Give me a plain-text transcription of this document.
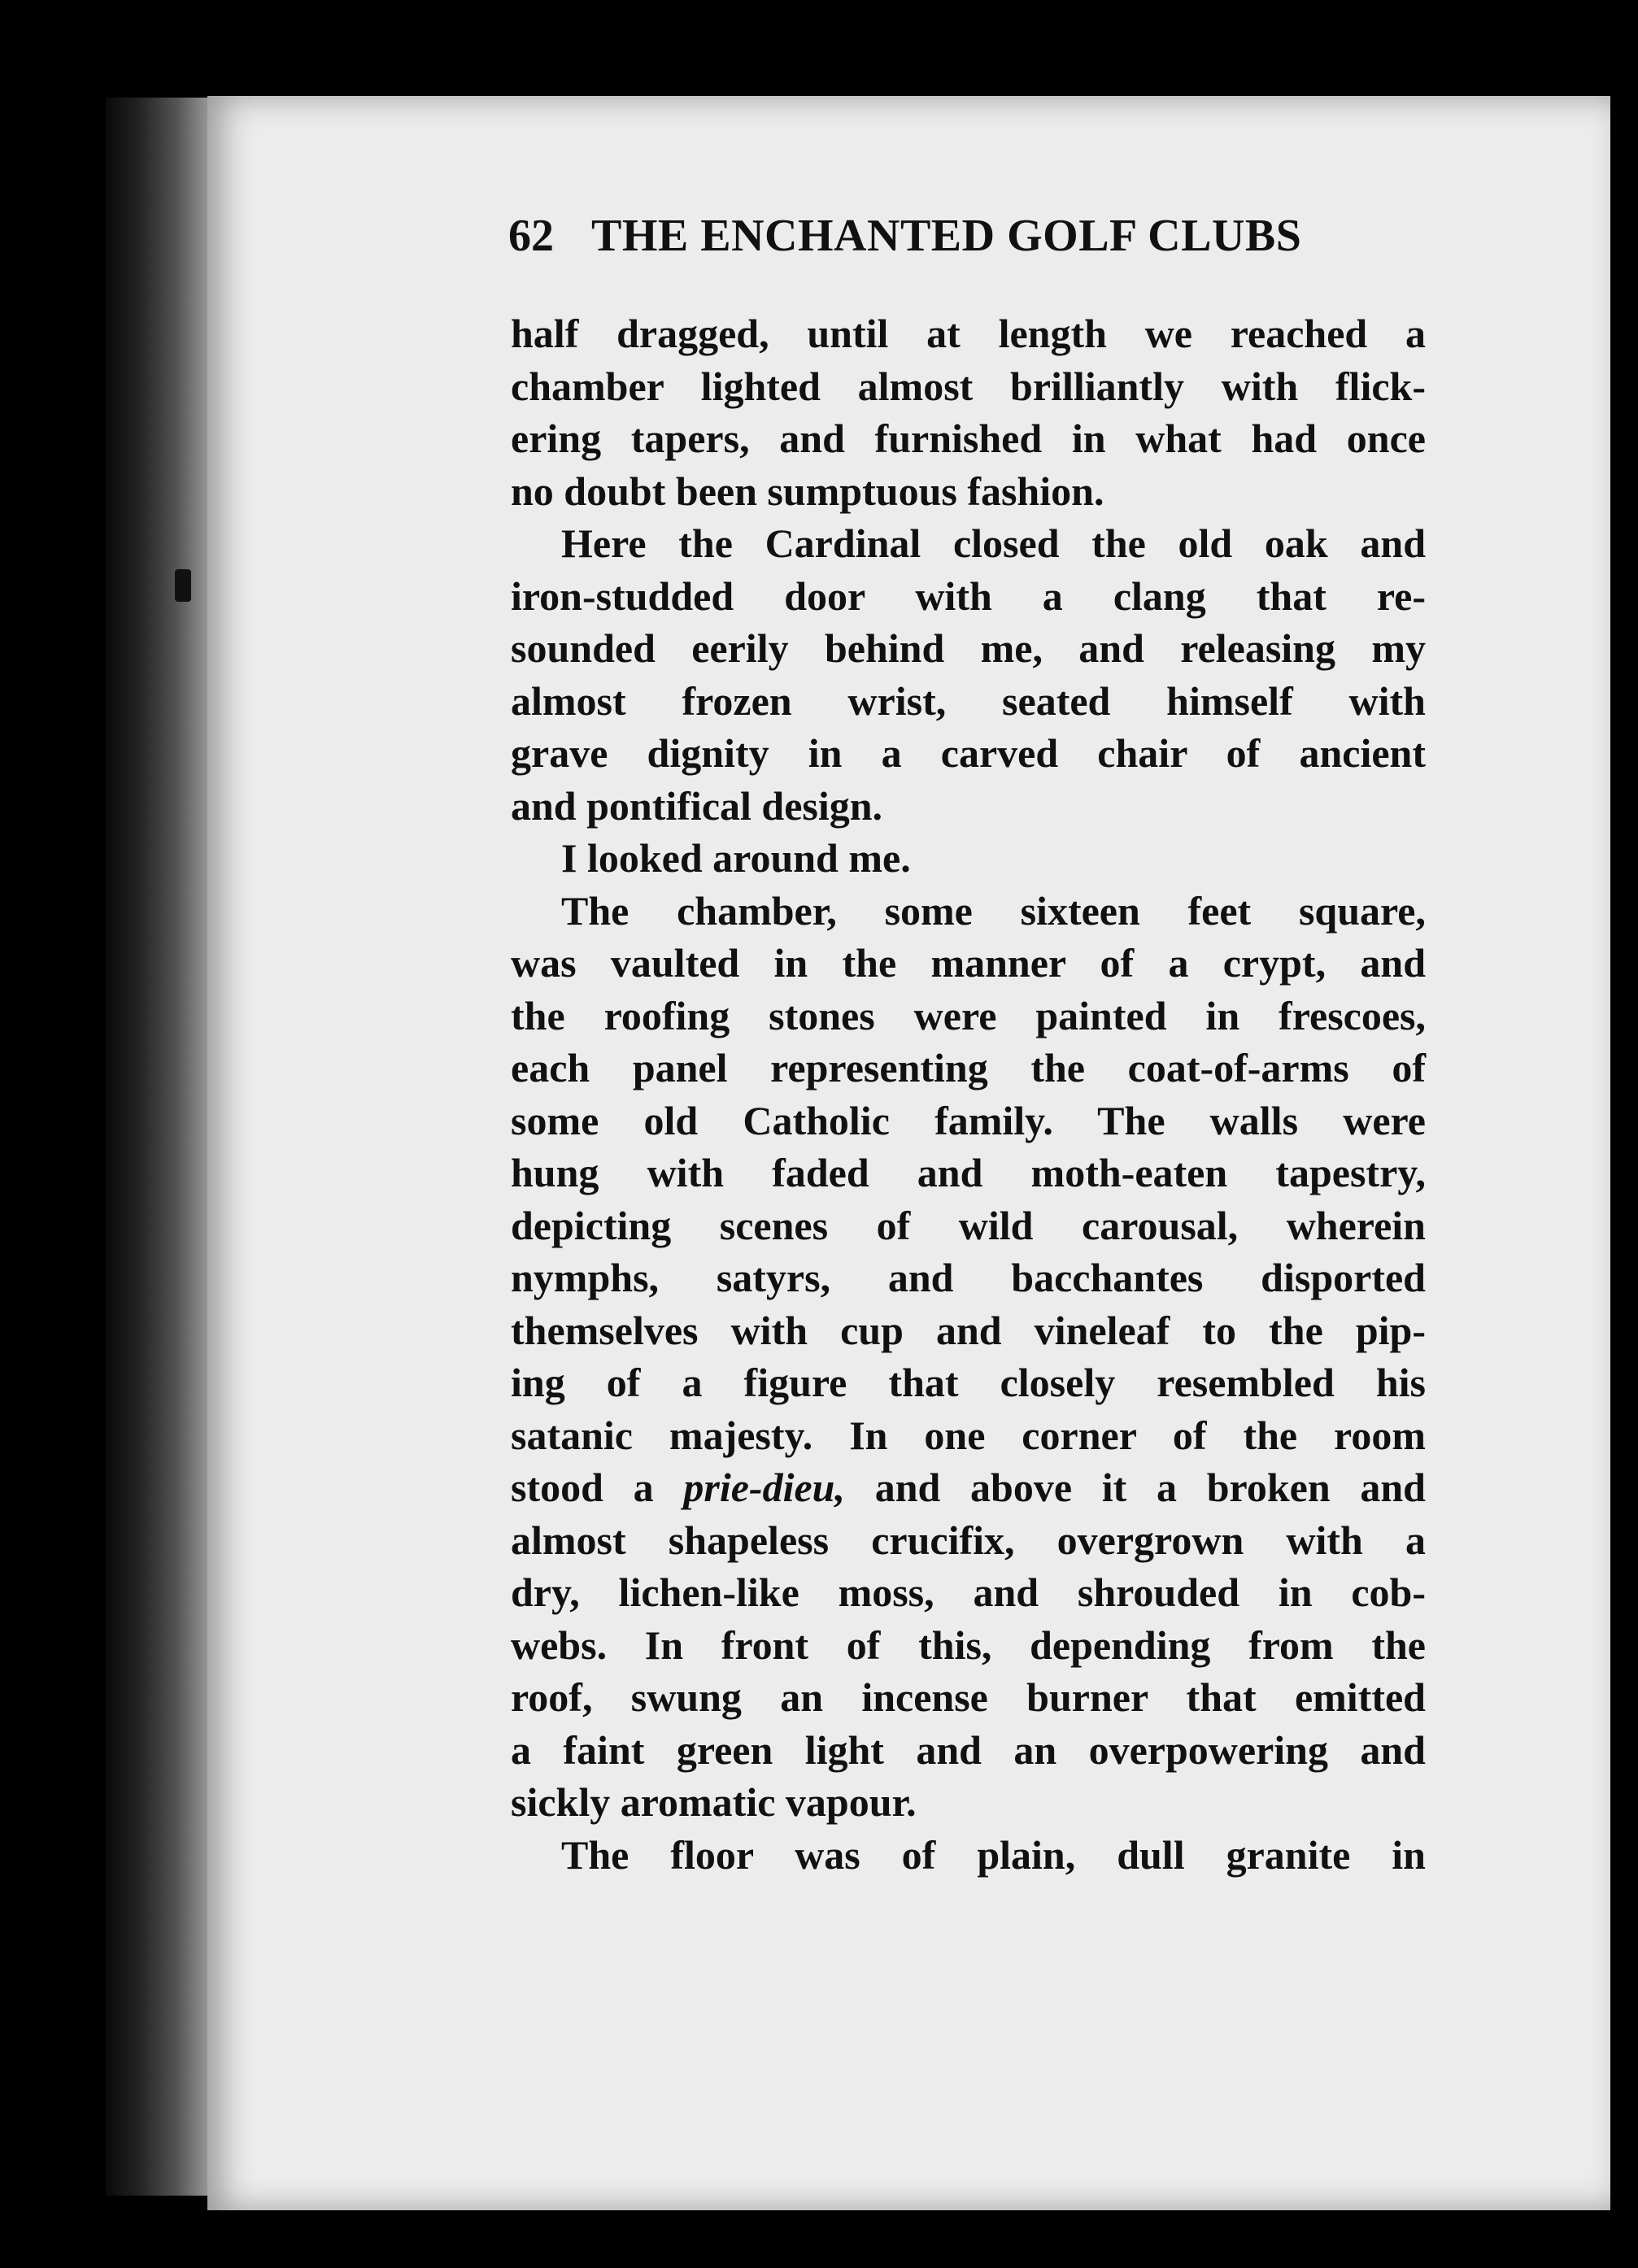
62 THE ENCHANTED GOLF CLUBS
half dragged, until at length we reached a
chamber lighted almost brilliantly with flick-
ering tapers, and furnished in what had once
no doubt been sumptuous fashion.
Here the Cardinal closed the old oak and
iron-studded door with a clang that re-
sounded eerily behind me, and releasing my
almost frozen wrist, seated himself with
grave dignity in a carved chair of ancient
and pontifical design.
I looked around me.
The chamber, some sixteen feet square,
was vaulted in the manner of a crypt, and
the roofing stones were painted in frescoes,
each panel representing the coat-of-arms of
some old Catholic family. The walls were
hung with faded and moth-eaten tapestry,
depicting scenes of wild carousal, wherein
nymphs, satyrs, and bacchantes disported
themselves with cup and vineleaf to the pip-
ing of a figure that closely resembled his
satanic majesty. In one corner of the room
stood a prie-dieu, and above it a broken and
almost shapeless crucifix, overgrown with a
dry, lichen-like moss, and shrouded in cob-
webs. In front of this, depending from the
roof, swung an incense burner that emitted
a faint green light and an overpowering and
sickly aromatic vapour.
The floor was of plain, dull granite in
